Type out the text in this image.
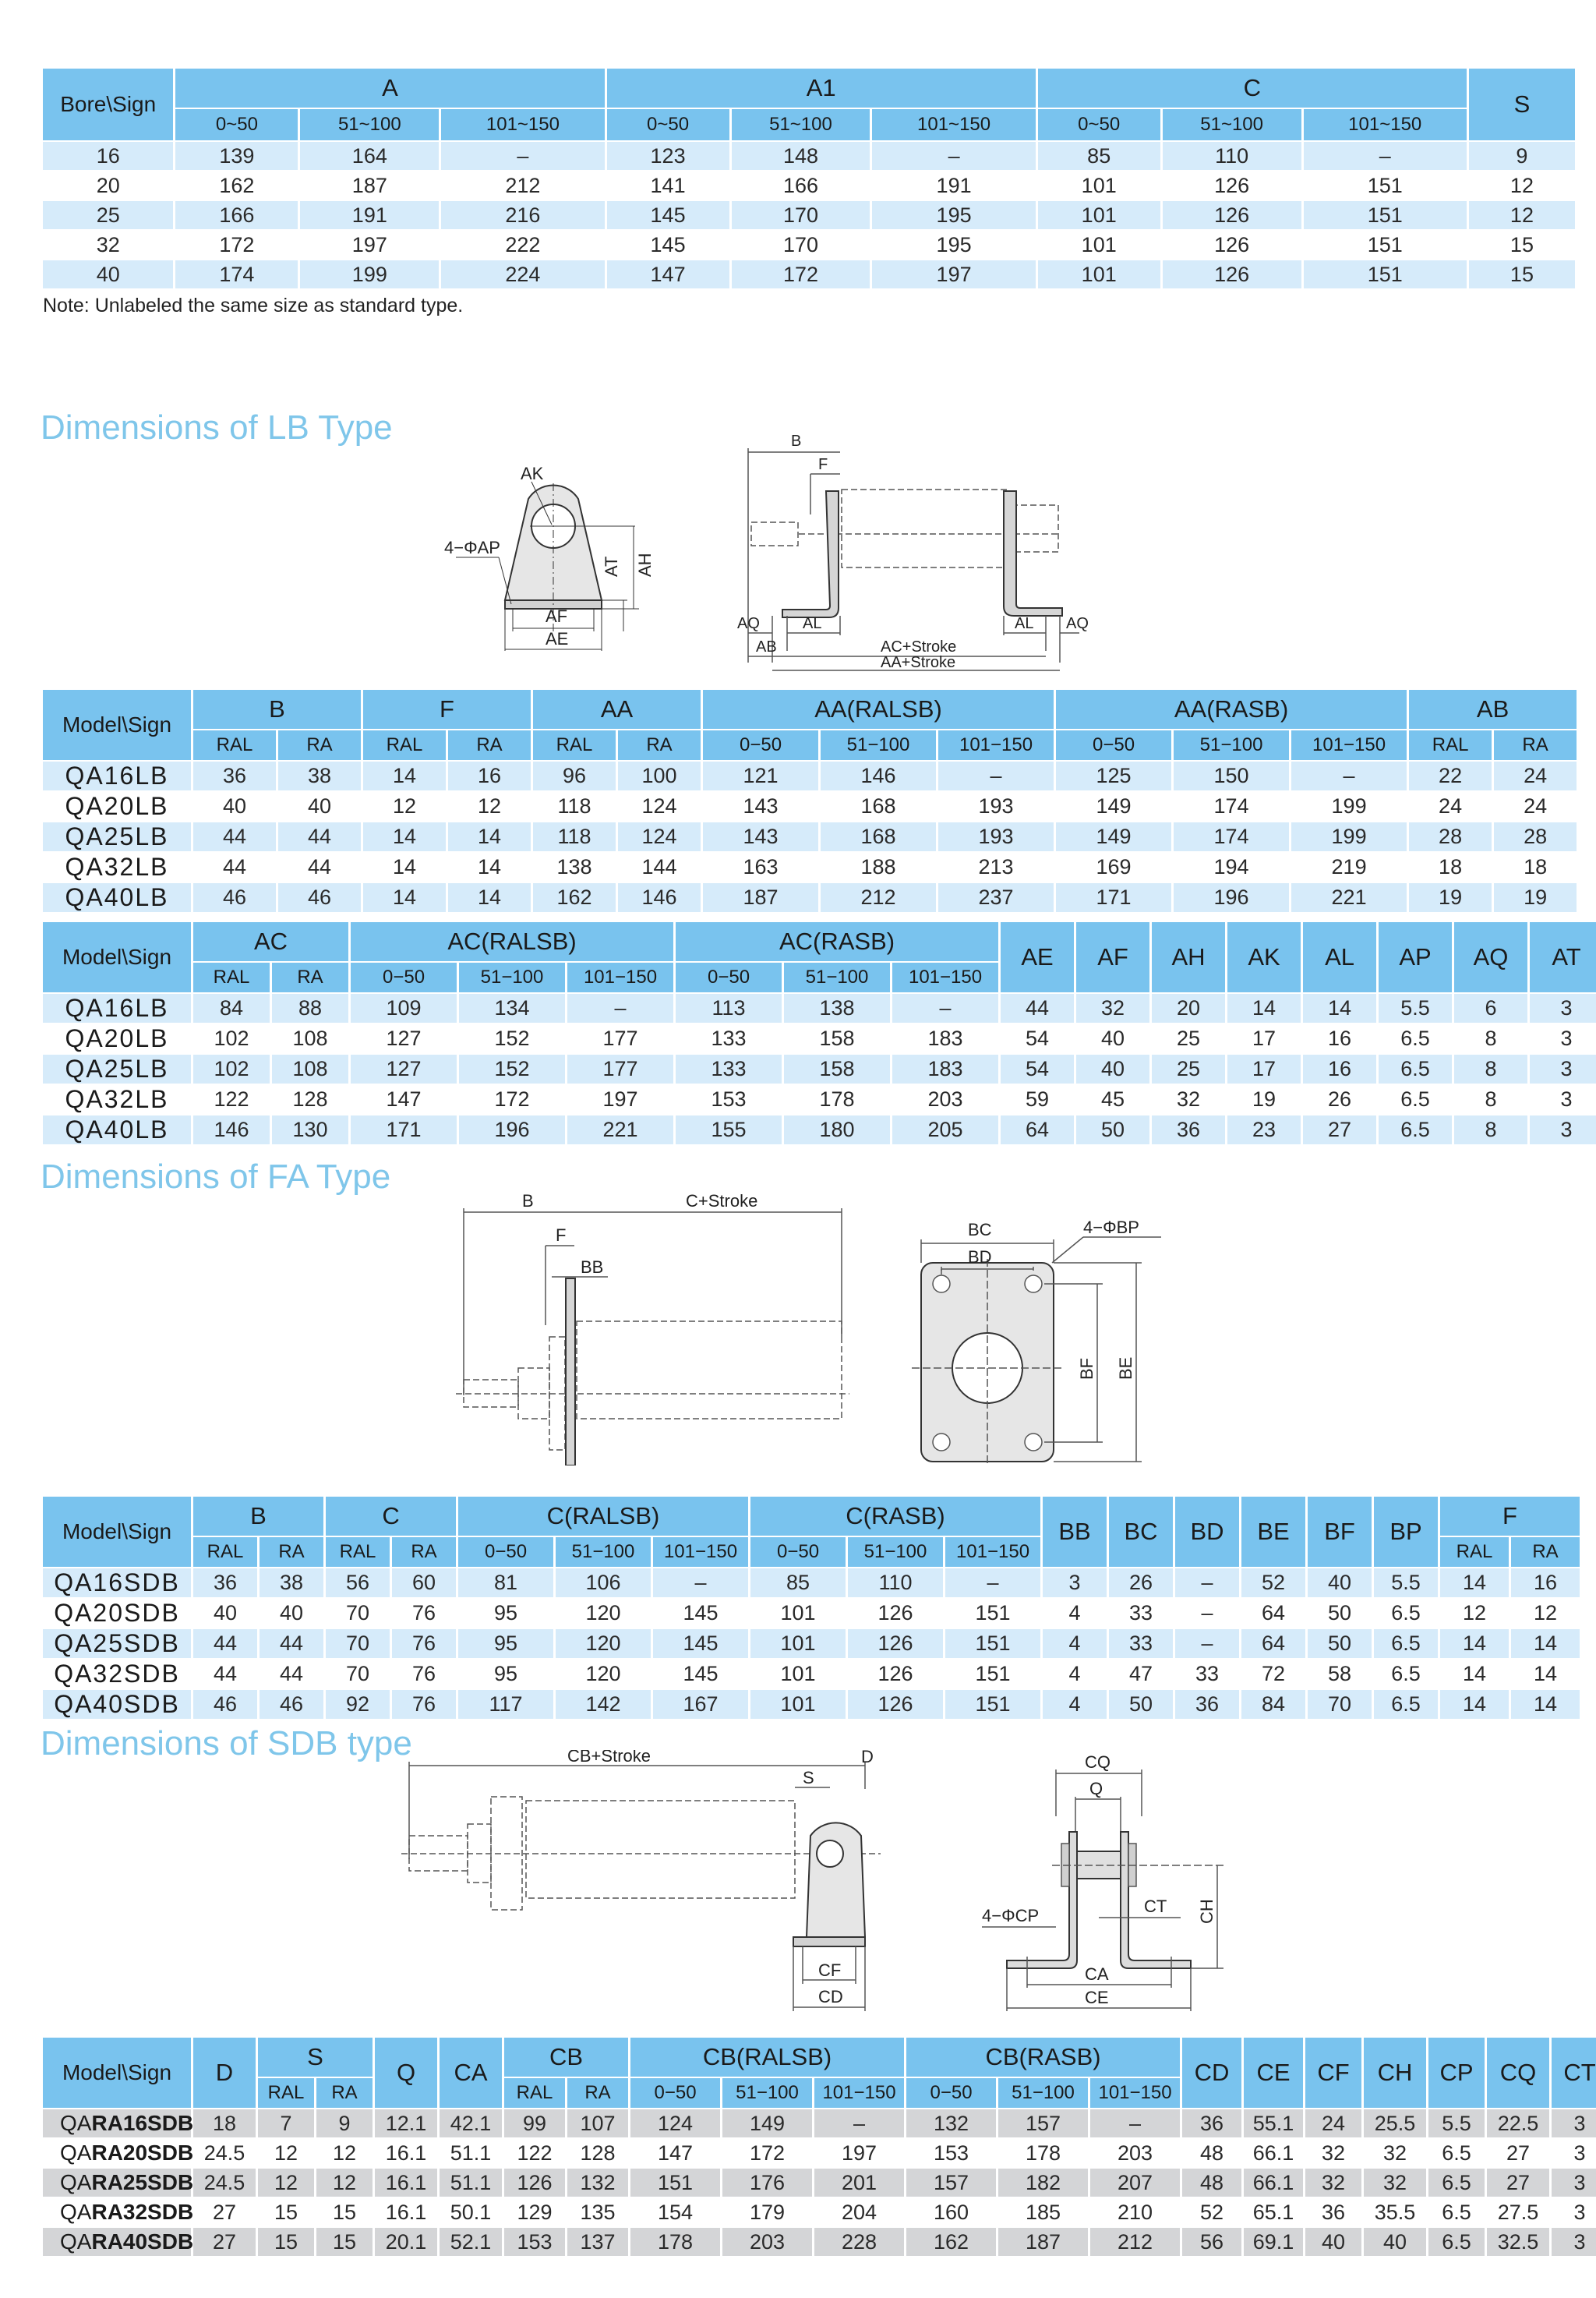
Bore\Sign	A			A1			C			S
	0~50	51~100	101~150	0~50	51~100	101~150	0~50	51~100	101~150	
16	139	164	–	123	148	–	85	110	–	9
20	162	187	212	141	166	191	101	126	151	12
25	166	191	216	145	170	195	101	126	151	12
32	172	197	222	145	170	195	101	126	151	15
40	174	199	224	147	172	197	101	126	151	15
Note: Unlabeled the same size as standard type.
Dimensions of LB Type
AK
4−ΦAP
AT AH
AF
AE
B
F
AQ
AB
AL	AL AQ
AC+Stroke
AA+Stroke
Model\Sign	B		F		AA		AA(RALSB)			AA(RASB)			AB	
	RAL	RA	RAL	RA	RAL	RA	0−50	51−100	101−150	0−50	51−100	101−150	RAL	RA
QA16LB	36	38	14	16	96	100	121	146	–	125	150	–	22	24
QA20LB	40	40	12	12	118	124	143	168	193	149	174	199	24	24
QA25LB	44	44	14	14	118	124	143	168	193	149	174	199	28	28
QA32LB	44	44	14	14	138	144	163	188	213	169	194	219	18	18
QA40LB	46	46	14	14	162	146	187	212	237	171	196	221	19	19
Model\Sign	AC		AC(RALSB)			AC(RASB)			AE	AF	AH	AK	AL	AP	AQ	AT
	RAL	RA	0−50	51−100	101−150	0−50	51−100	101−150								
QA16LB	84	88	109	134	–	113	138	–	44	32	20	14	14	5.5	6	3
QA20LB	102	108	127	152	177	133	158	183	54	40	25	17	16	6.5	8	3
QA25LB	102	108	127	152	177	133	158	183	54	40	25	17	16	6.5	8	3
QA32LB	122	128	147	172	197	153	178	203	59	45	32	19	26	6.5	8	3
QA40LB	146	130	171	196	221	155	180	205	64	50	36	23	27	6.5	8	3
Dimensions of FA Type
B	C+Stroke
F
BB
BC
BD
4−ΦBP
BF BE
Model\Sign	B		C		C(RALSB)			C(RASB)			BB	BC	BD	BE	BF	BP	F	
	RAL	RA	RAL	RA	0−50	51−100	101−150	0−50	51−100	101−150							RAL	RA
QA16SDB	36	38	56	60	81	106	–	85	110	–	3	26	–	52	40	5.5	14	16
QA20SDB	40	40	70	76	95	120	145	101	126	151	4	33	–	64	50	6.5	12	12
QA25SDB	44	44	70	76	95	120	145	101	126	151	4	33	–	64	50	6.5	14	14
QA32SDB	44	44	70	76	95	120	145	101	126	151	4	47	33	72	58	6.5	14	14
QA40SDB	46	46	92	76	117	142	167	101	126	151	4	50	36	84	70	6.5	14	14
Dimensions of SDB type	CB+Stroke	D
S
CF
CD
CQ
Q
4−ΦCP	CT CH
CA
CE
Model\Sign	D	S		Q	CA	CB		CB(RALSB)			CB(RASB)			CD	CE	CF	CH	CP	CQ	CT
		RAL	RA			RAL	RA	0−50	51−100	101−150	0−50	51−100	101−150							
QARA16SDB	18	7	9	12.1	42.1	99	107	124	149	–	132	157	–	36	55.1	24	25.5	5.5	22.5	3
QARA20SDB	24.5	12	12	16.1	51.1	122	128	147	172	197	153	178	203	48	66.1	32	32	6.5	27	3
QARA25SDB	24.5	12	12	16.1	51.1	126	132	151	176	201	157	182	207	48	66.1	32	32	6.5	27	3
QARA32SDB	27	15	15	16.1	50.1	129	135	154	179	204	160	185	210	52	65.1	36	35.5	6.5	27.5	3
QARA40SDB	27	15	15	20.1	52.1	153	137	178	203	228	162	187	212	56	69.1	40	40	6.5	32.5	3
